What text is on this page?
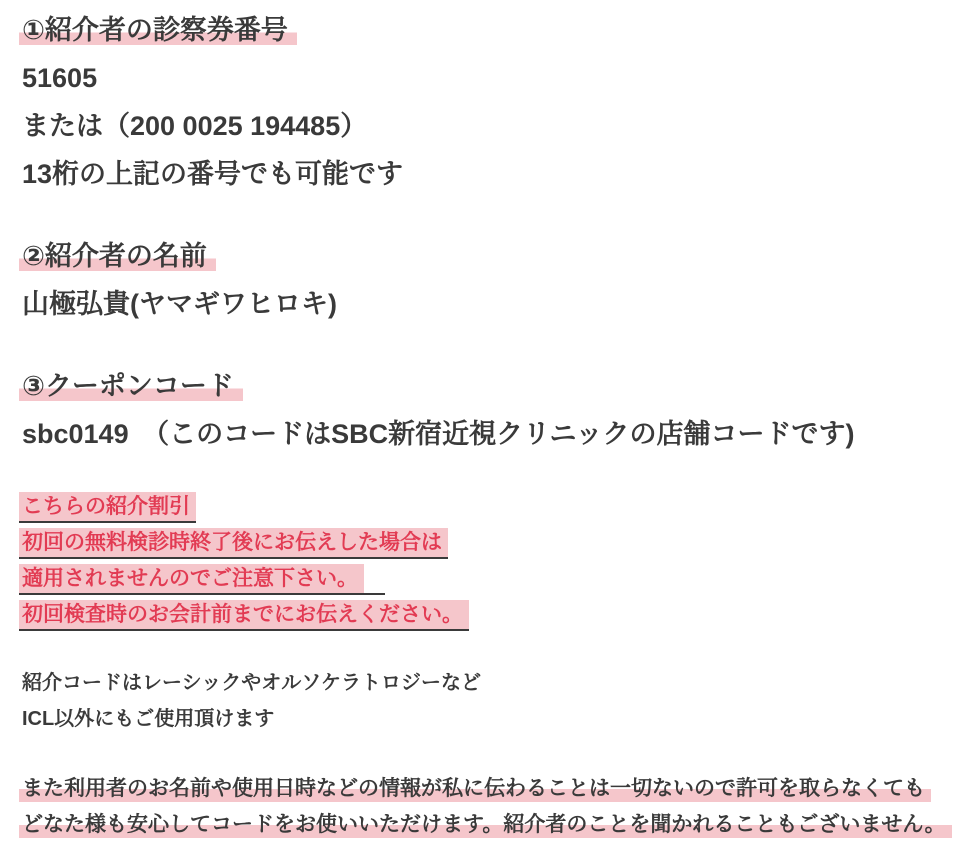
①紹介者の診察券番号
51605
または（200 0025 194485）
13桁の上記の番号でも可能です
②紹介者の名前
山極弘貴(ヤマギワヒロキ)
③クーポンコード
sbc0149　（このコードはSBC新宿近視クリニックの店舗コードです)
こちらの紹介割引
初回の無料検診時終了後にお伝えした場合は
適用されませんのでご注意下さい。　
初回検査時のお会計前までにお伝えください。
紹介コードはレーシックやオルソケラトロジーなど
ICL以外にもご使用頂けます
また利用者のお名前や使用日時などの情報が私に伝わることは一切ないので許可を取らなくても
どなた様も安心してコードをお使いいただけます。紹介者のことを聞かれることもございません。
